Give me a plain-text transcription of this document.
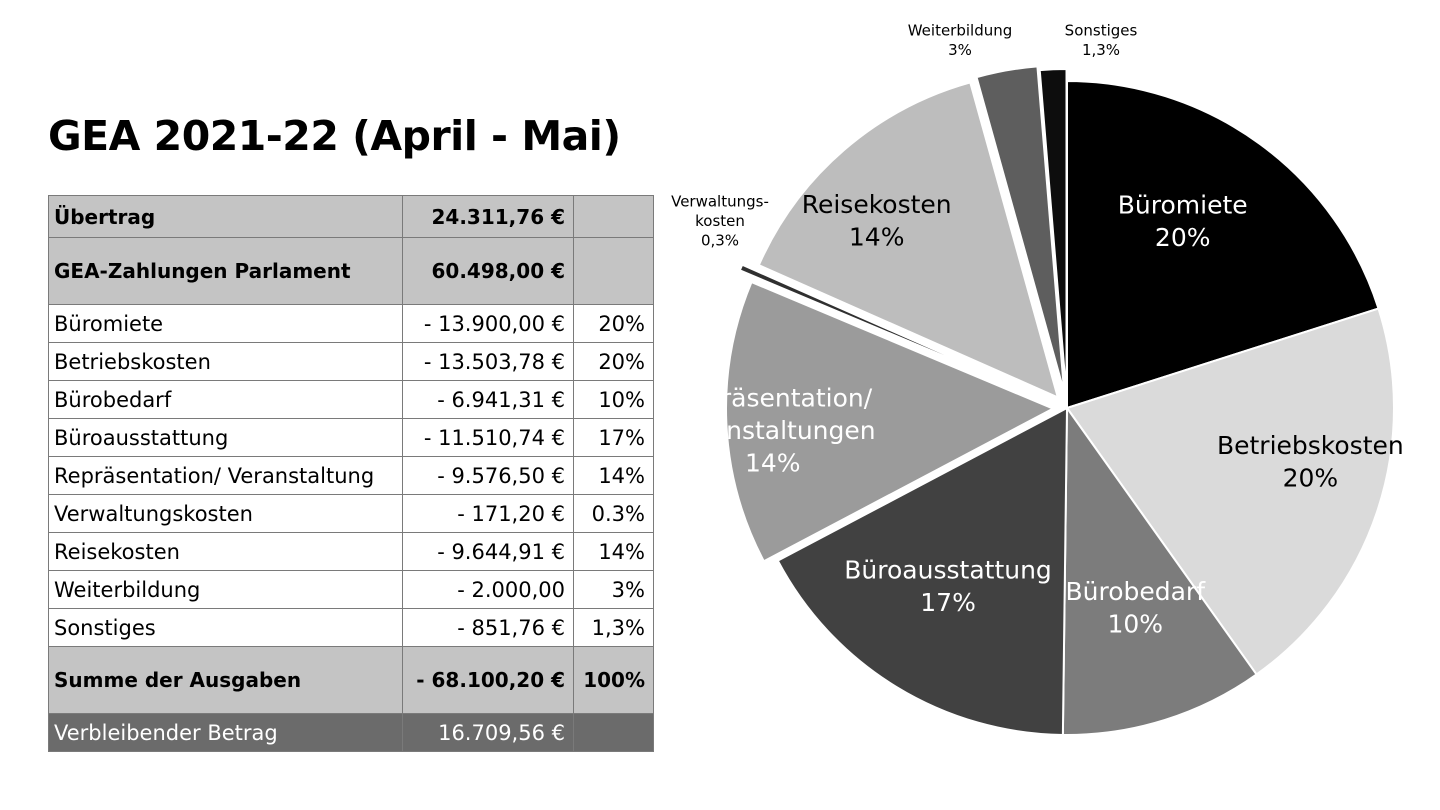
GEA 2021-22 (April - Mai)
Übertrag	24.311,76 €	
GEA-Zahlungen Parlament	60.498,00 €	
Büromiete	- 13.900,00 €	20%
Betriebskosten	- 13.503,78 €	20%
Bürobedarf	- 6.941,31 €	10%
Büroausstattung	- 11.510,74 €	17%
Repräsentation/ Veranstaltung	- 9.576,50 €	14%
Verwaltungskosten	- 171,20 €	0.3%
Reisekosten	- 9.644,91 €	14%
Weiterbildung	- 2.000,00	3%
Sonstiges	- 851,76 €	1,3%
Summe der Ausgaben	- 68.100,20 €	100%
Verbleibender Betrag	16.709,56 €	
Büromiete 20%
Betriebskosten 20%
Bürobedarf 10%
Büroausstattung 17%
Repräsentation/ Veranstaltungen 14%
Verwaltungs-kosten 0,3%
Reisekosten 14%
Weiterbildung 3%
Sonstiges 1,3%
